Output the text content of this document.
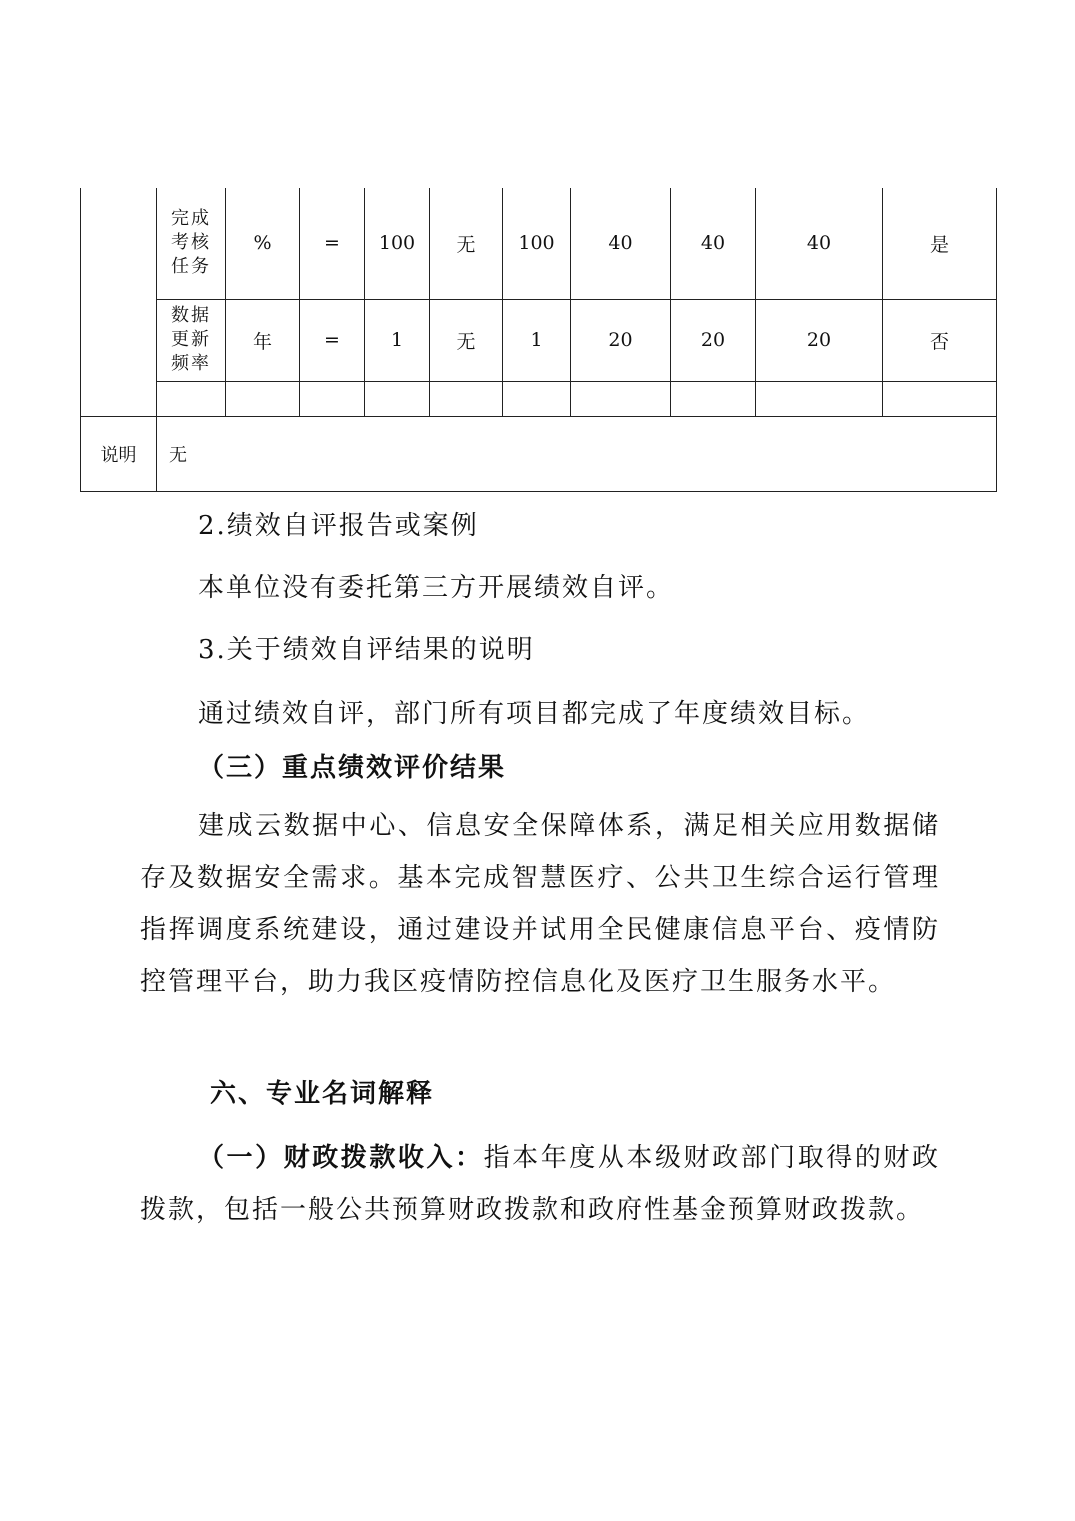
	完成考核任务	%	=	100	无	100	40	40	40	是
	数据更新频率	年	=	1	无	1	20	20	20	否

说明	无									

2.绩效自评报告或案例

本单位没有委托第三方开展绩效自评。

3.关于绩效自评结果的说明

通过绩效自评，部门所有项目都完成了年度绩效目标。

（三）重点绩效评价结果

建成云数据中心、信息安全保障体系，满足相关应用数据储存及数据安全需求。基本完成智慧医疗、公共卫生综合运行管理指挥调度系统建设，通过建设并试用全民健康信息平台、疫情防控管理平台，助力我区疫情防控信息化及医疗卫生服务水平。

六、专业名词解释

（一）财政拨款收入：指本年度从本级财政部门取得的财政拨款，包括一般公共预算财政拨款和政府性基金预算财政拨款。
